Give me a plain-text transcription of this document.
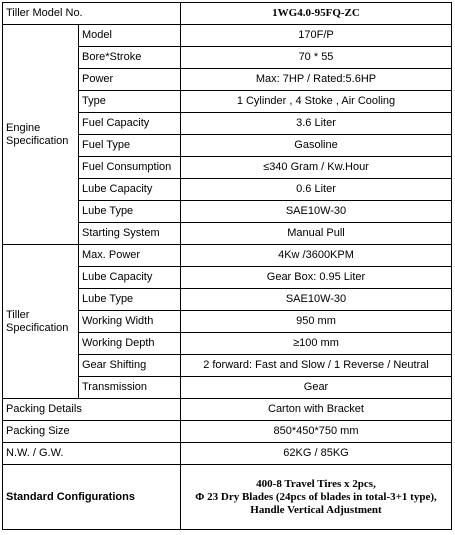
Tiller Model No.		1WG4.0-95FQ-ZC

Engine
Specification	Model	170F/P
	Bore*Stroke	70 * 55
	Power	Max: 7HP / Rated:5.6HP
	Type	1 Cylinder , 4 Stoke , Air Cooling
	Fuel Capacity	3.6 Liter
	Fuel Type	Gasoline
	Fuel Consumption	≤340 Gram / Kw.Hour
	Lube Capacity	0.6 Liter
	Lube Type	SAE10W-30
	Starting System	Manual Pull

Tiller
Specification	Max. Power	4Kw /3600KPM
	Lube Capacity	Gear Box: 0.95 Liter
	Lube Type	SAE10W-30
	Working Width	950 mm
	Working Depth	≥100 mm
	Gear Shifting	2 forward: Fast and Slow / 1 Reverse / Neutral
	Transmission	Gear
Packing Details		Carton with Bracket
Packing Size		850*450*750 mm
N.W. / G.W.		62KG / 85KG
Standard Configurations		400-8 Travel Tires x 2pcs,
Φ 23 Dry Blades (24pcs of blades in total-3+1 type),
Handle Vertical Adjustment
